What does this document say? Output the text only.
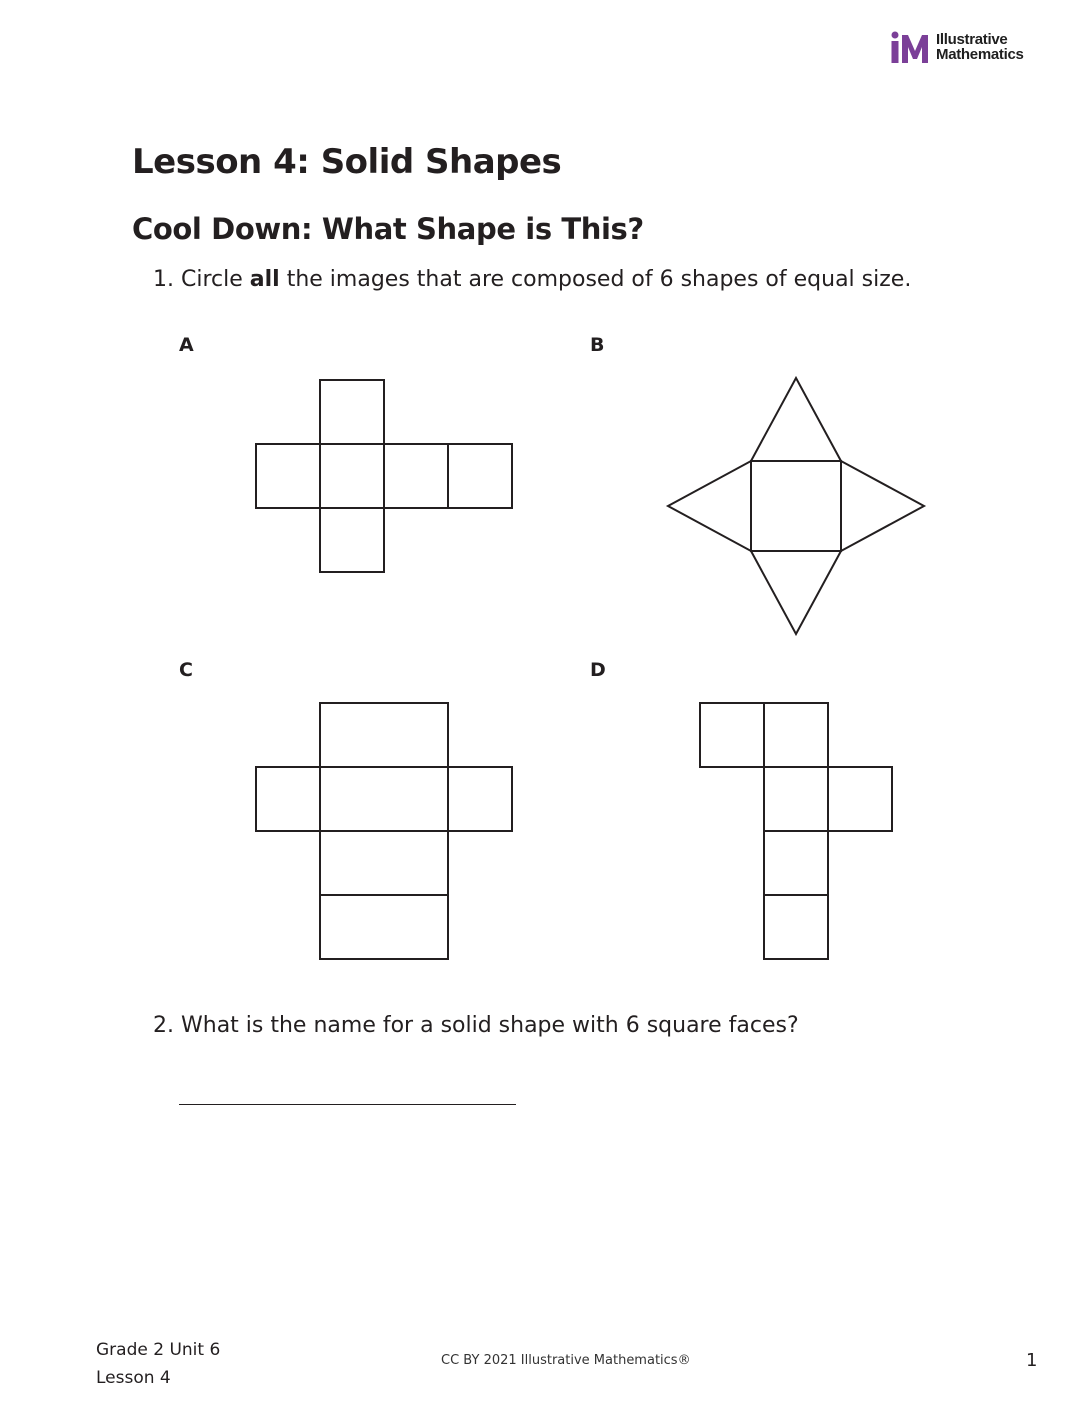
Illustrative
Mathematics
Lesson 4: Solid Shapes
Cool Down: What Shape is This?
1. Circle all the images that are composed of 6 shapes of equal size.
A	B
C	D
2. What is the name for a solid shape with 6 square faces?
Grade 2 Unit 6
Lesson 4
CC BY 2021 Illustrative Mathematics®	1
